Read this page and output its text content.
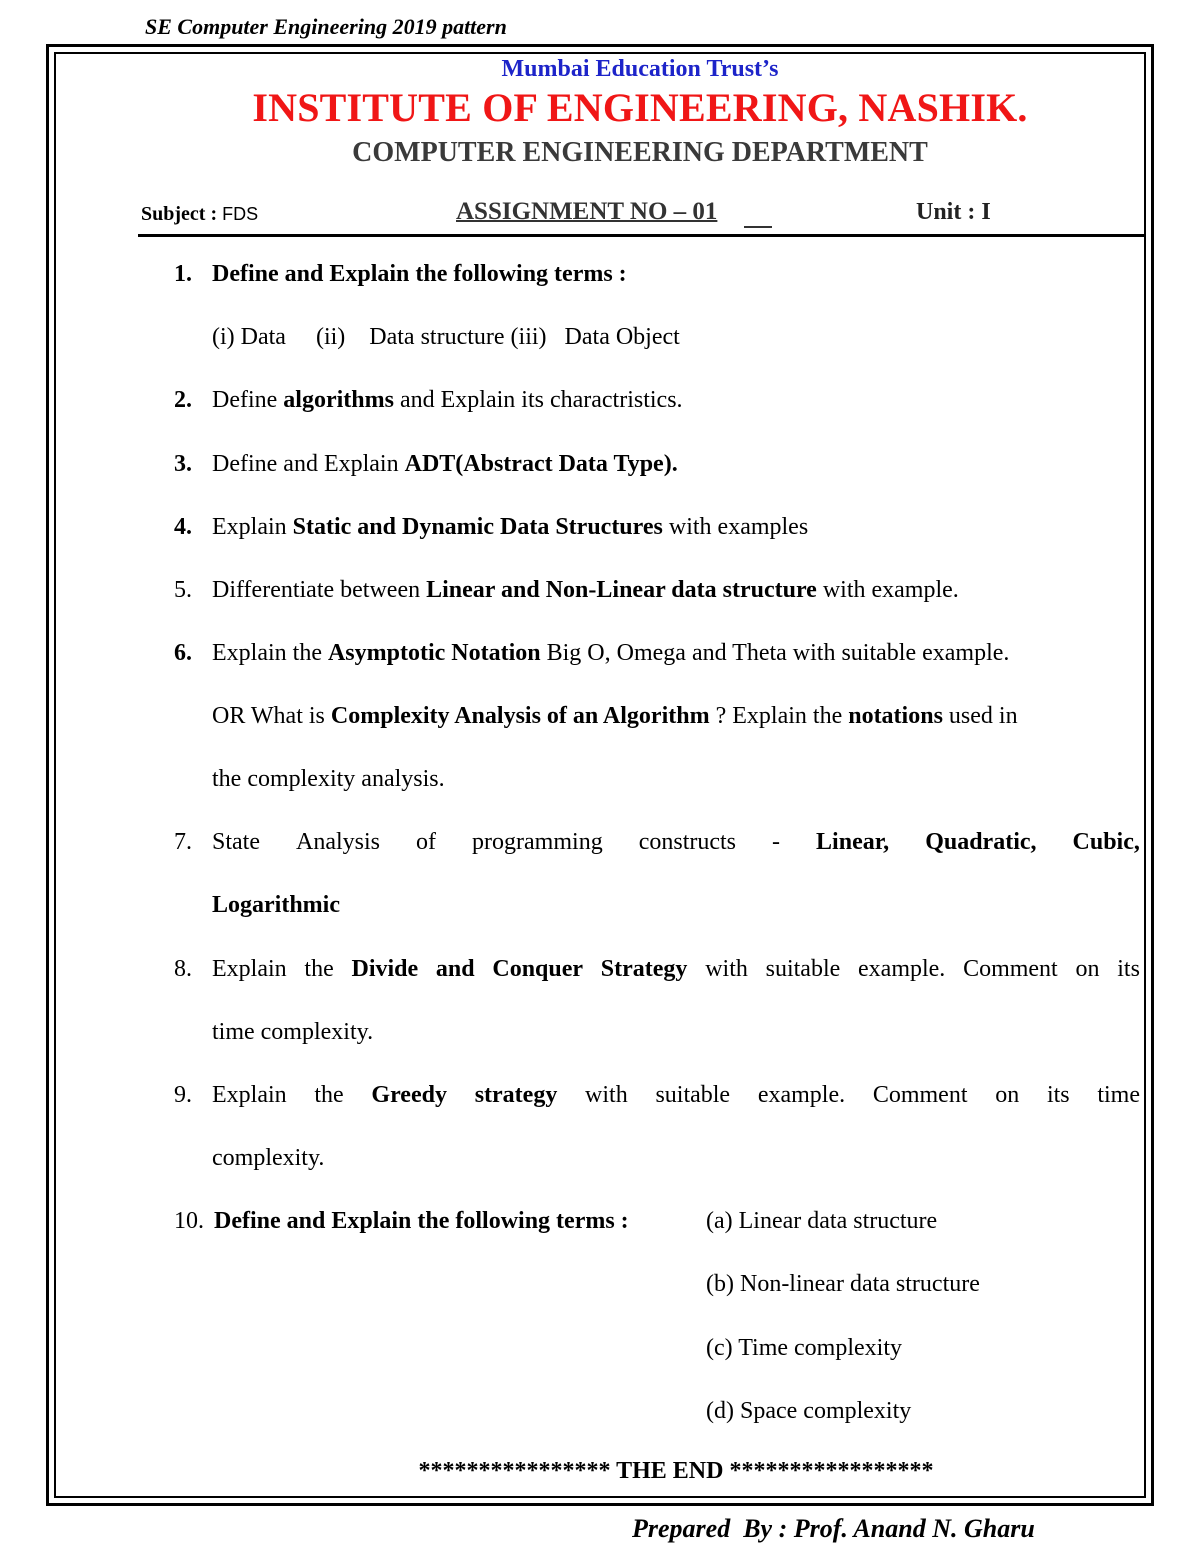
SE Computer Engineering 2019 pattern
Mumbai Education Trust’s
INSTITUTE OF ENGINEERING, NASHIK.
COMPUTER ENGINEERING DEPARTMENT
Subject : FDS	ASSIGNMENT NO – 01	Unit : I
1. Define and Explain the following terms :
(i) Data     (ii)    Data structure (iii)   Data Object
2. Define algorithms and Explain its charactristics.
3. Define and Explain ADT(Abstract Data Type).
4. Explain Static and Dynamic Data Structures with examples
5. Differentiate between Linear and Non-Linear data structure with example.
6. Explain the Asymptotic Notation Big O, Omega and Theta with suitable example.
OR What is Complexity Analysis of an Algorithm ? Explain the notations used in
the complexity analysis.
7. State Analysis of programming constructs - Linear, Quadratic, Cubic,
Logarithmic
8. Explain the Divide and Conquer Strategy with suitable example. Comment on its
time complexity.
9. Explain the Greedy strategy with suitable example. Comment on its time
complexity.
10. Define and Explain the following terms :	(a) Linear data structure
(b) Non-linear data structure
(c) Time complexity
(d) Space complexity
**************** THE END *****************
Prepared  By : Prof. Anand N. Gharu
